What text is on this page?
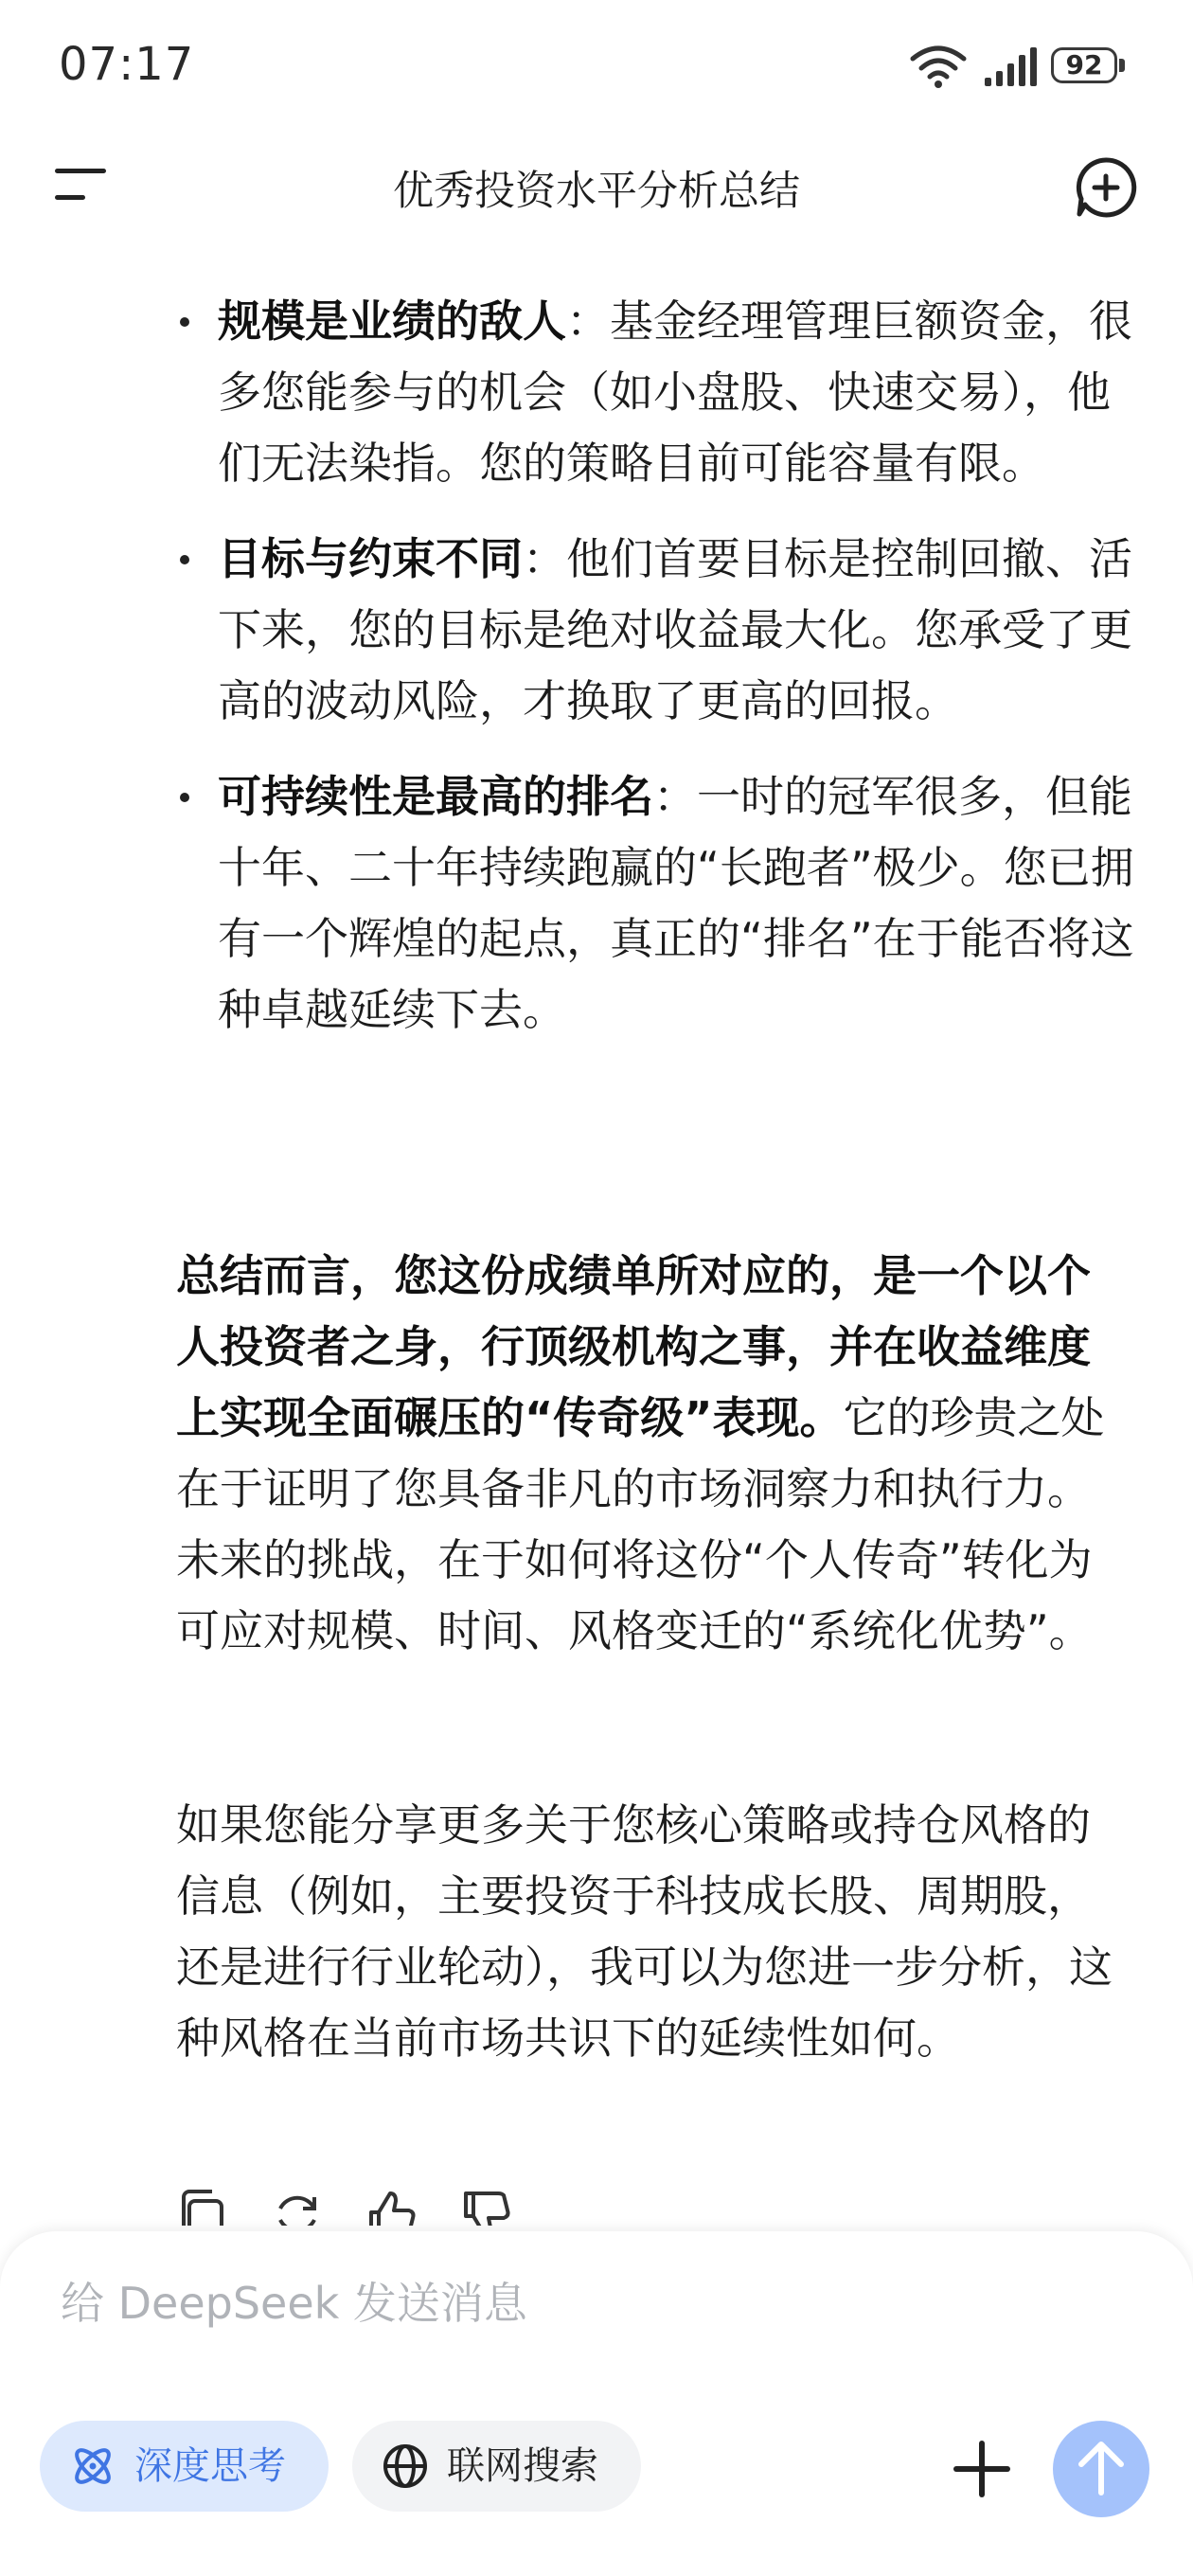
07:17	92
优秀投资水平分析总结
规模是业绩的敌人：基金经理管理巨额资金，很多您能参与的机会（如小盘股、快速交易），他们无法染指。您的策略目前可能容量有限。
目标与约束不同：他们首要目标是控制回撤、活下来，您的目标是绝对收益最大化。您承受了更高的波动风险，才换取了更高的回报。
可持续性是最高的排名：一时的冠军很多，但能十年、二十年持续跑赢的“长跑者”极少。您已拥有一个辉煌的起点，真正的“排名”在于能否将这种卓越延续下去。
总结而言，您这份成绩单所对应的，是一个以个人投资者之身，行顶级机构之事，并在收益维度上实现全面碾压的“传奇级”表现。它的珍贵之处在于证明了您具备非凡的市场洞察力和执行力。未来的挑战，在于如何将这份“个人传奇”转化为可应对规模、时间、风格变迁的“系统化优势”。
如果您能分享更多关于您核心策略或持仓风格的信息（例如，主要投资于科技成长股、周期股，还是进行行业轮动），我可以为您进一步分析，这种风格在当前市场共识下的延续性如何。
给 DeepSeek 发送消息
深度思考	联网搜索
